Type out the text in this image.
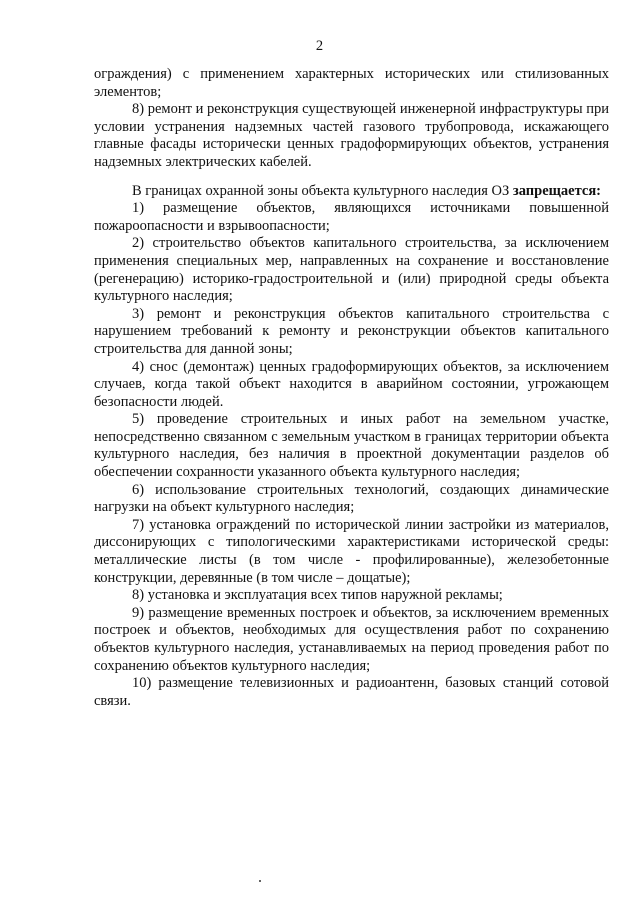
2

ограждения) с применением характерных исторических или стилизованных элементов;

8) ремонт и реконструкция существующей инженерной инфраструктуры при условии устранения надземных частей газового трубопровода, искажающего главные фасады исторически ценных градоформирующих объектов, устранения надземных электрических кабелей.

В границах охранной зоны объекта культурного наследия ОЗ запрещается:

1) размещение объектов, являющихся источниками повышенной пожароопасности и взрывоопасности;

2) строительство объектов капитального строительства, за исключением применения специальных мер, направленных на сохранение и восстановление (регенерацию) историко-градостроительной и (или) природной среды объекта культурного наследия;

3) ремонт и реконструкция объектов капитального строительства с нарушением требований к ремонту и реконструкции объектов капитального строительства для данной зоны;

4) снос (демонтаж) ценных градоформирующих объектов, за исключением случаев, когда такой объект находится в аварийном состоянии, угрожающем безопасности людей.

5) проведение строительных и иных работ на земельном участке, непосредственно связанном с земельным участком в границах территории объекта культурного наследия, без наличия в проектной документации разделов об обеспечении сохранности указанного объекта культурного наследия;

6) использование строительных технологий, создающих динамические нагрузки на объект культурного наследия;

7) установка ограждений по исторической линии застройки из материалов, диссонирующих с типологическими характеристиками исторической среды: металлические листы (в том числе - профилированные), железобетонные конструкции, деревянные (в том числе – дощатые);

8) установка и эксплуатация всех типов наружной рекламы;

9) размещение временных построек и объектов, за исключением временных построек и объектов, необходимых для осуществления работ по сохранению объектов культурного наследия, устанавливаемых на период проведения работ по сохранению объектов культурного наследия;

10) размещение телевизионных и радиоантенн, базовых станций сотовой связи.
